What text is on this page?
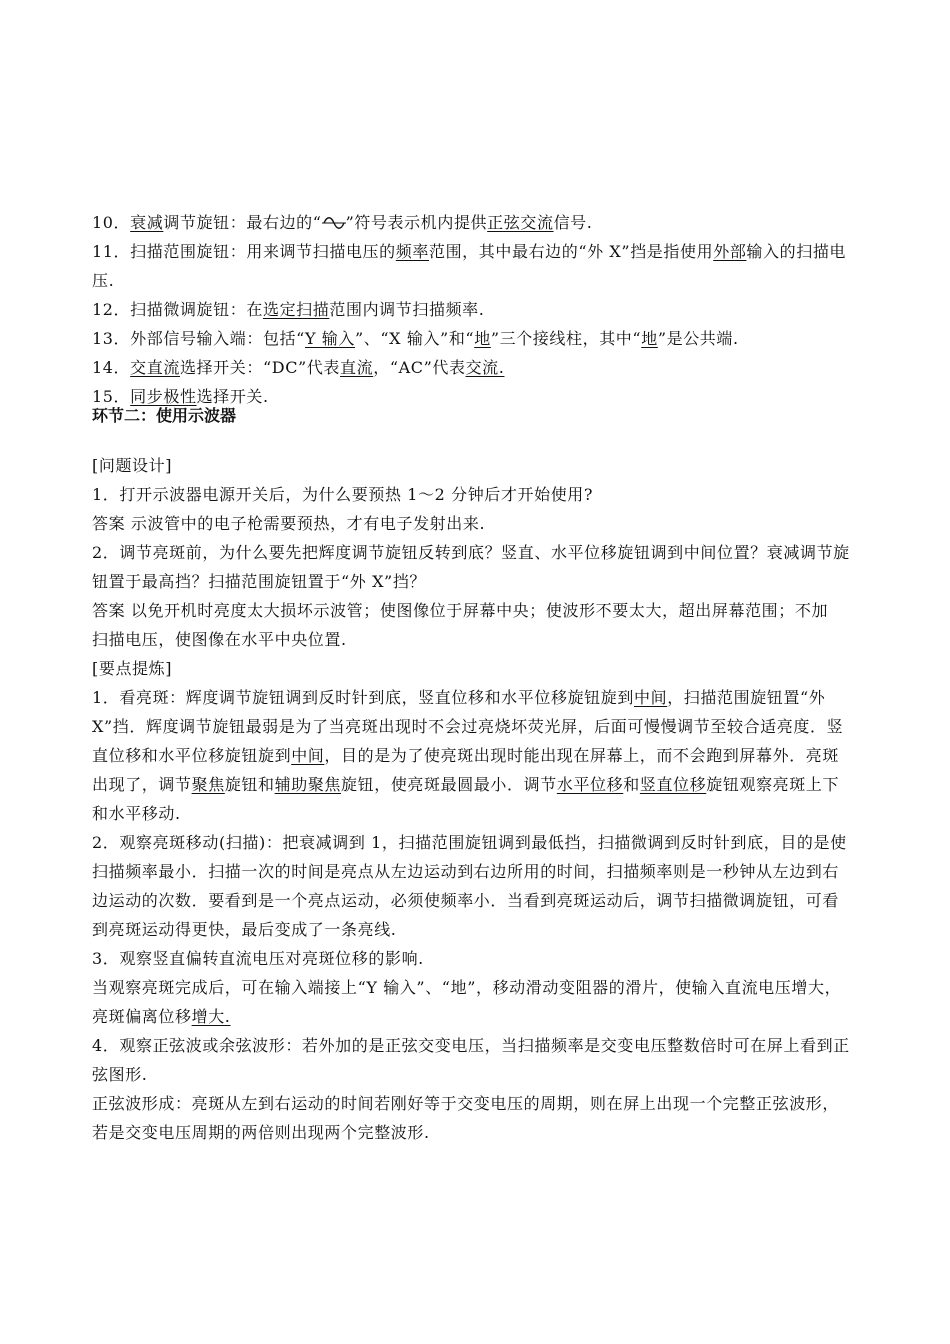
10．衰减调节旋钮：最右边的“ ”符号表示机内提供正弦交流信号.
11．扫描范围旋钮：用来调节扫描电压的频率范围，其中最右边的“外 X”挡是指使用外部输入的扫描电
压.
12．扫描微调旋钮：在选定扫描范围内调节扫描频率.
13．外部信号输入端：包括“Y 输入”、“X 输入”和“地”三个接线柱，其中“地”是公共端.
14．交直流选择开关：“DC”代表直流，“AC”代表交流.
15．同步极性选择开关.
环节二：使用示波器
[问题设计]
1．打开示波器电源开关后，为什么要预热 1～2 分钟后才开始使用?
答案 示波管中的电子枪需要预热，才有电子发射出来.
2．调节亮斑前，为什么要先把辉度调节旋钮反转到底？竖直、水平位移旋钮调到中间位置？衰减调节旋
钮置于最高挡？扫描范围旋钮置于“外 X”挡？
答案 以免开机时亮度太大损坏示波管；使图像位于屏幕中央；使波形不要太大，超出屏幕范围；不加
扫描电压，使图像在水平中央位置.
[要点提炼]
1．看亮斑：辉度调节旋钮调到反时针到底，竖直位移和水平位移旋钮旋到中间，扫描范围旋钮置“外
X”挡．辉度调节旋钮最弱是为了当亮斑出现时不会过亮烧坏荧光屏，后面可慢慢调节至较合适亮度．竖
直位移和水平位移旋钮旋到中间，目的是为了使亮斑出现时能出现在屏幕上，而不会跑到屏幕外．亮斑
出现了，调节聚焦旋钮和辅助聚焦旋钮，使亮斑最圆最小．调节水平位移和竖直位移旋钮观察亮斑上下
和水平移动.
2．观察亮斑移动(扫描)：把衰减调到 1，扫描范围旋钮调到最低挡，扫描微调到反时针到底，目的是使
扫描频率最小．扫描一次的时间是亮点从左边运动到右边所用的时间，扫描频率则是一秒钟从左边到右
边运动的次数．要看到是一个亮点运动，必须使频率小．当看到亮斑运动后，调节扫描微调旋钮，可看
到亮斑运动得更快，最后变成了一条亮线.
3．观察竖直偏转直流电压对亮斑位移的影响.
当观察亮斑完成后，可在输入端接上“Y 输入”、“地”，移动滑动变阻器的滑片，使输入直流电压增大，
亮斑偏离位移增大.
4．观察正弦波或余弦波形：若外加的是正弦交变电压，当扫描频率是交变电压整数倍时可在屏上看到正
弦图形.
正弦波形成：亮斑从左到右运动的时间若刚好等于交变电压的周期，则在屏上出现一个完整正弦波形，
若是交变电压周期的两倍则出现两个完整波形.
